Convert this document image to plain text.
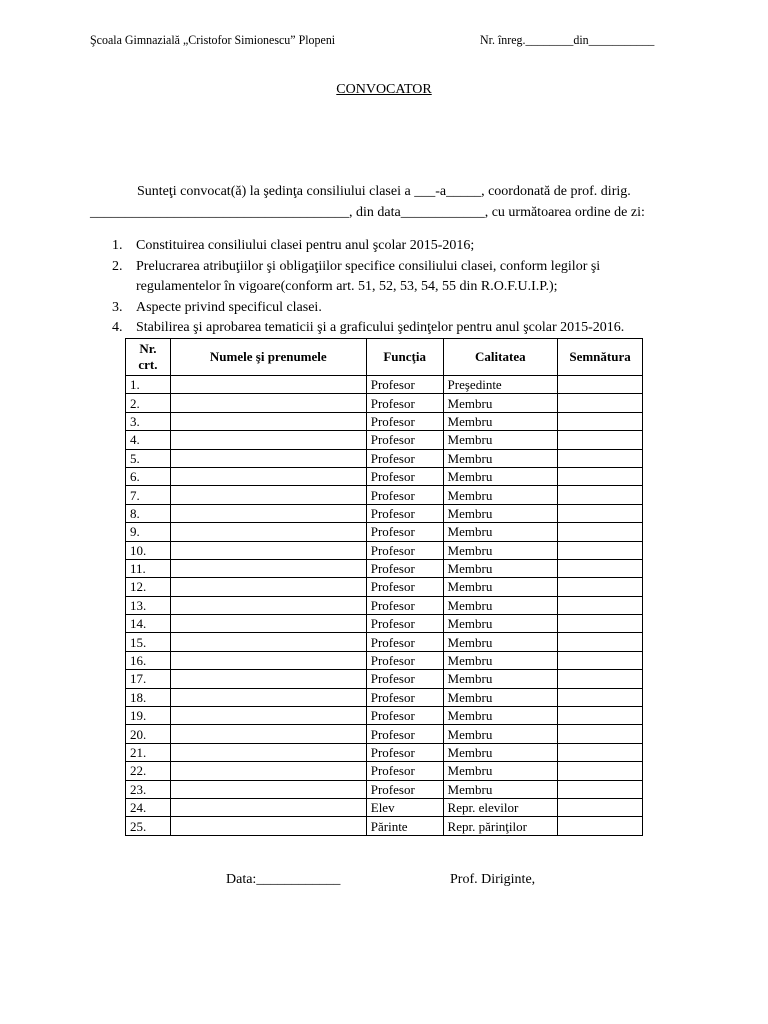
Şcoala Gimnazială „Cristofor Simionescu” Plopeni	Nr. înreg.________din___________
CONVOCATOR
Sunteţi convocat(ă) la şedinţa consiliului clasei a ___-a_____, coordonată de prof. dirig.
_____________________________________, din data____________, cu următoarea ordine de zi:
1. Constituirea consiliului clasei pentru anul şcolar 2015-2016;
2. Prelucrarea atribuţiilor şi obligaţiilor specifice consiliului clasei, conform legilor şi regulamentelor în vigoare(conform art. 51, 52, 53, 54, 55 din R.O.F.U.I.P.);
3. Aspecte privind specificul clasei.
4. Stabilirea şi aprobarea tematicii şi a graficului şedinţelor pentru anul şcolar 2015-2016.
Nr. crt.	Numele şi prenumele	Funcţia	Calitatea	Semnătura
1.		Profesor	Preşedinte	
2.		Profesor	Membru	
3.		Profesor	Membru	
4.		Profesor	Membru	
5.		Profesor	Membru	
6.		Profesor	Membru	
7.		Profesor	Membru	
8.		Profesor	Membru	
9.		Profesor	Membru	
10.		Profesor	Membru	
11.		Profesor	Membru	
12.		Profesor	Membru	
13.		Profesor	Membru	
14.		Profesor	Membru	
15.		Profesor	Membru	
16.		Profesor	Membru	
17.		Profesor	Membru	
18.		Profesor	Membru	
19.		Profesor	Membru	
20.		Profesor	Membru	
21.		Profesor	Membru	
22.		Profesor	Membru	
23.		Profesor	Membru	
24.		Elev	Repr. elevilor	
25.		Părinte	Repr. părinţilor	
Data:____________	Prof. Diriginte,
